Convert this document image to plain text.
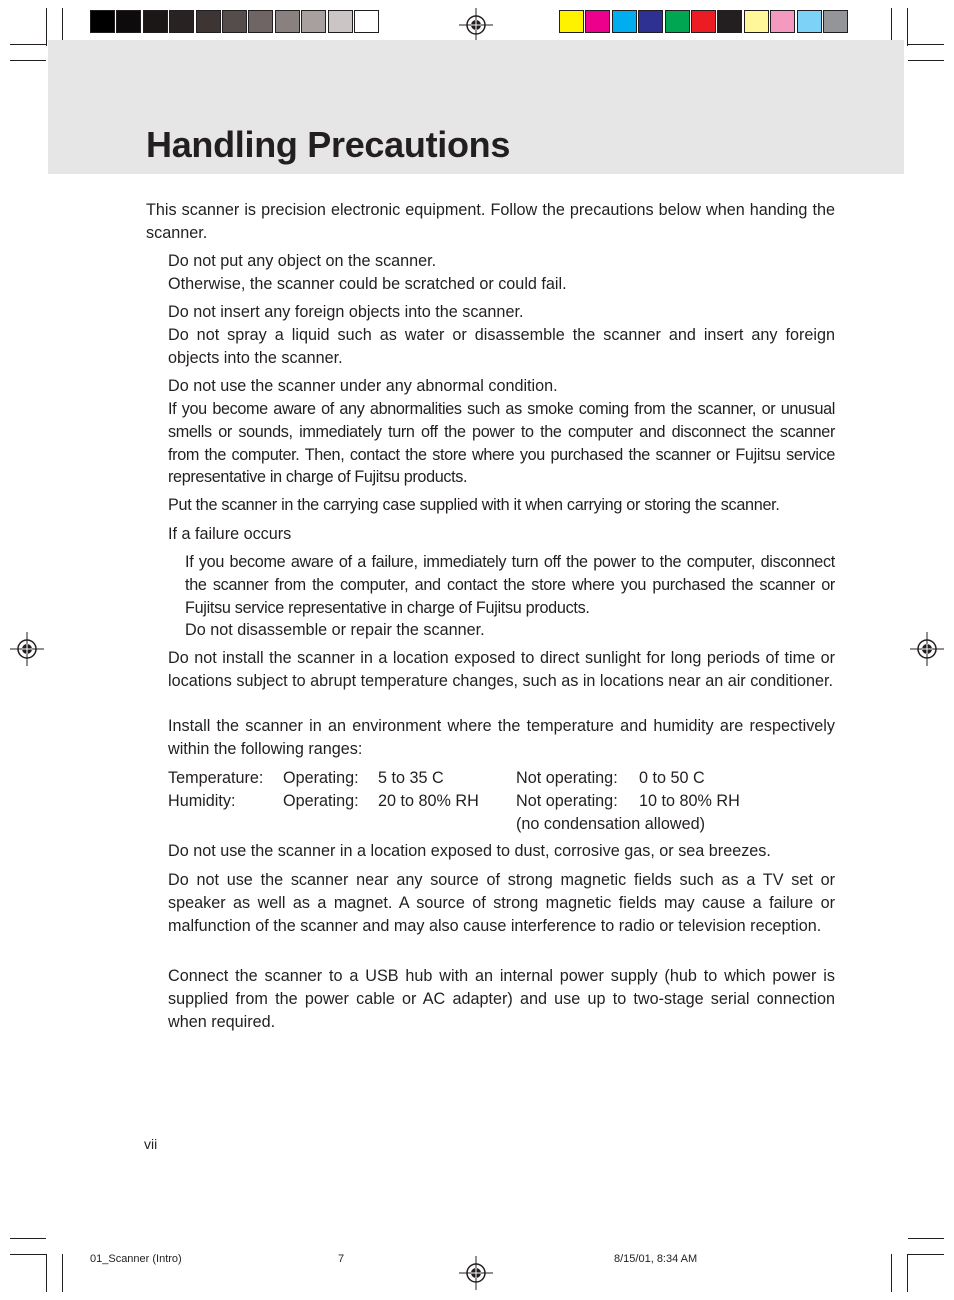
Handling Precautions

This scanner is precision electronic equipment. Follow the precautions below when handing the scanner.

Do not put any object on the scanner.

Otherwise, the scanner could be scratched or could fail.

Do not insert any foreign objects into the scanner.

Do not spray a liquid such as water or disassemble the scanner and insert any foreign objects into the scanner.

Do not use the scanner under any abnormal condition.

If you become aware of any abnormalities such as smoke coming from the scanner, or unusual smells or sounds, immediately turn off the power to the computer and disconnect the scanner from the computer. Then, contact the store where you purchased the scanner or Fujitsu service representative in charge of Fujitsu products.

Put the scanner in the carrying case supplied with it when carrying or storing the scanner.

If a failure occurs

If you become aware of a failure, immediately turn off the power to the computer, disconnect the scanner from the computer, and contact the store where you purchased the scanner or Fujitsu service representative in charge of Fujitsu products.

Do not disassemble or repair the scanner.

Do not install the scanner in a location exposed to direct sunlight for long periods of time or locations subject to abrupt temperature changes, such as in locations near an air conditioner.

Install the scanner in an environment where the temperature and humidity are respectively within the following ranges:

Temperature:	Operating:	5 to 35 C	Not operating:	0 to 50 C
Humidity:	Operating:	20 to 80% RH	Not operating:	10 to 80% RH
			(no condensation allowed)	

Do not use the scanner in a location exposed to dust, corrosive gas, or sea breezes.

Do not use the scanner near any source of strong magnetic fields such as a TV set or speaker as well as a magnet. A source of strong magnetic fields may cause a failure or malfunction of the scanner and may also cause interference to radio or television reception.

Connect the scanner to a USB hub with an internal power supply (hub to which power is supplied from the power cable or AC adapter) and use up to two-stage serial connection when required.

vii
01_Scanner (Intro)	7	8/15/01, 8:34 AM
